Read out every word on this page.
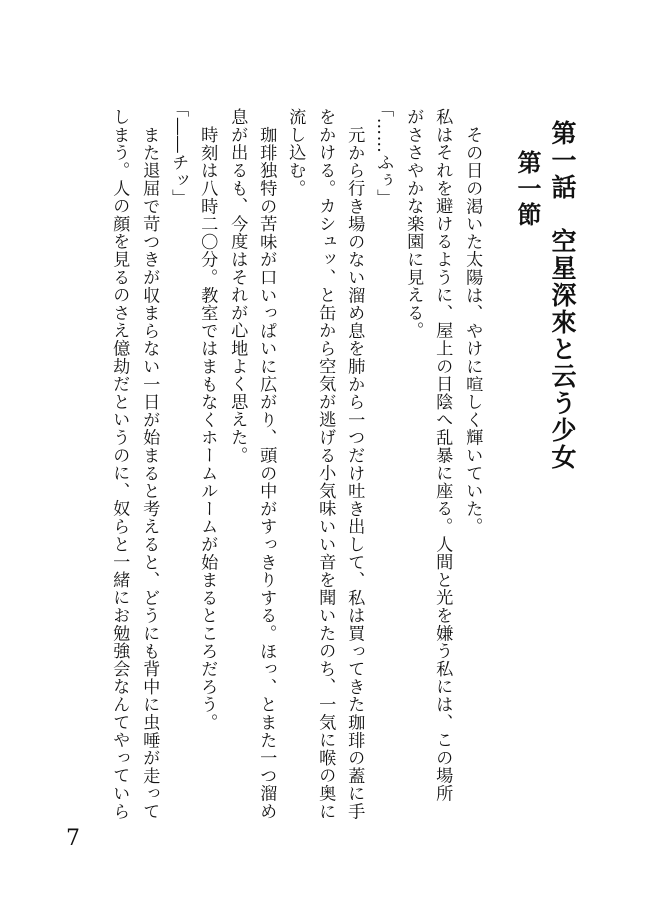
第一話　空星深來と云う少女
第一節
その日の渇いた太陽は、やけに喧しく輝いていた。
私はそれを避けるように、屋上の日陰へ乱暴に座る。人間と光を嫌う私には、この場所
がささやかな楽園に見える。
「……ふぅ」
元から行き場のない溜め息を肺から一つだけ吐き出して、私は買ってきた珈琲の蓋に手
をかける。カシュッ、と缶から空気が逃げる小気味いい音を聞いたのち、一気に喉の奥に
流し込む。
珈琲独特の苦味が口いっぱいに広がり、頭の中がすっきりする。ほっ、とまた一つ溜め
息が出るも、今度はそれが心地よく思えた。
時刻は八時二〇分。教室ではまもなくホームルームが始まるところだろう。
「――チッ」
また退屈で苛つきが収まらない一日が始まると考えると、どうにも背中に虫唾が走って
しまう。人の顔を見るのさえ億劫だというのに、奴らと一緒にお勉強会なんてやっていら
7
